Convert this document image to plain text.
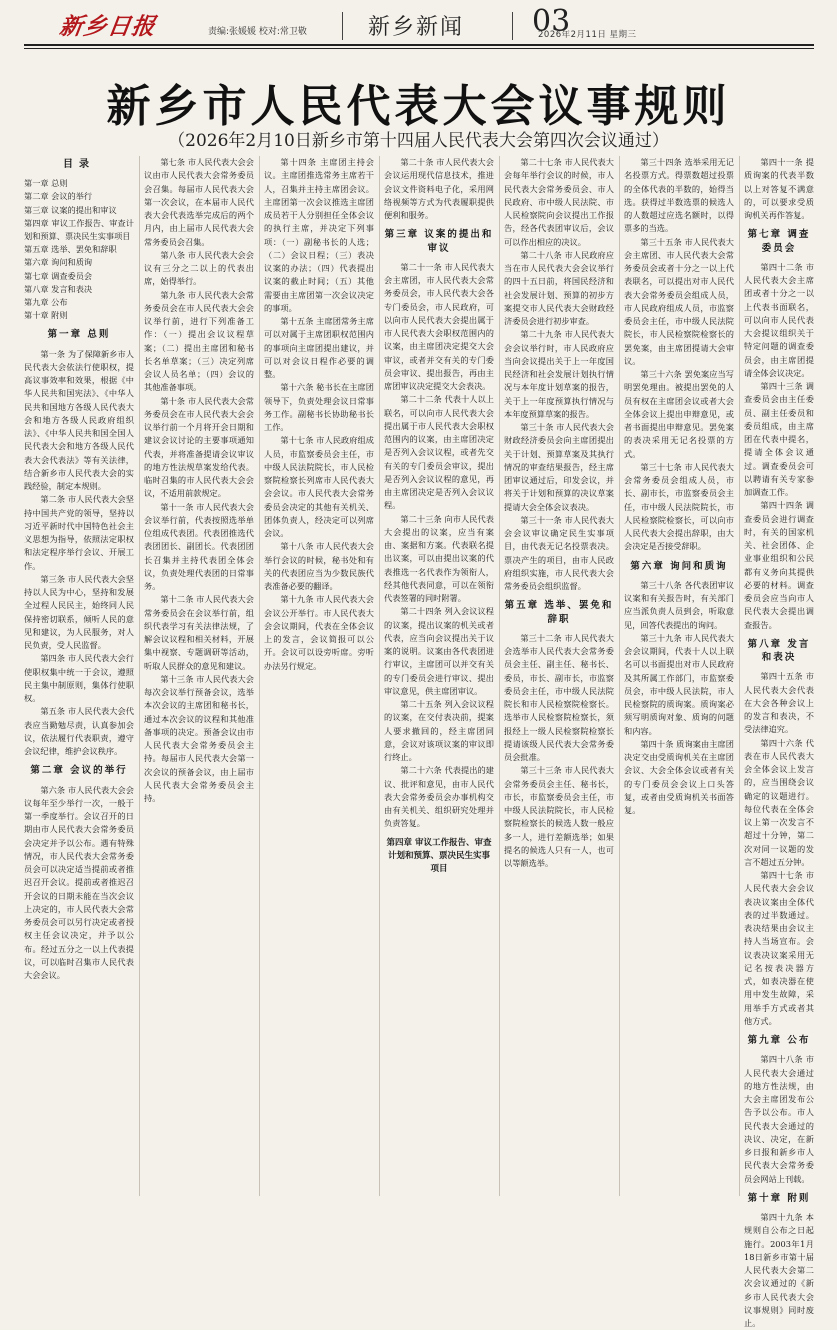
新乡日报	责编:张媛媛 校对:常卫敬	新乡新闻 03
2026年2月11日 星期三
新乡市人民代表大会议事规则
（2026年2月10日新乡市第十四届人民代表大会第四次会议通过）
目录
第一章 总则
第二章 会议的举行
第三章 议案的提出和审议
第四章 审议工作报告、审查计划和预算、票决民生实事项目
第五章 选举、罢免和辞职
第六章 询问和质询
第七章 调查委员会
第八章 发言和表决
第九章 公布
第十章 附则
第一章 总则

第一条 为了保障新乡市人民代表大会依法行使职权，提高议事效率和效果，根据《中华人民共和国宪法》、《中华人民共和国地方各级人民代表大会和地方各级人民政府组织法》、《中华人民共和国全国人民代表大会和地方各级人民代表大会代表法》等有关法律，结合新乡市人民代表大会的实践经验，制定本规则。

第二条 市人民代表大会坚持中国共产党的领导，坚持以习近平新时代中国特色社会主义思想为指导，依照法定职权和法定程序举行会议、开展工作。

第三条 市人民代表大会坚持以人民为中心，坚持和发展全过程人民民主，始终同人民保持密切联系，倾听人民的意见和建议，为人民服务，对人民负责，受人民监督。

第四条 市人民代表大会行使职权集中统一于会议，遵照民主集中制原则，集体行使职权。

第五条 市人民代表大会代表应当勤勉尽责，认真参加会议，依法履行代表职责，遵守会议纪律，维护会议秩序。

第二章 会议的举行

第六条 市人民代表大会会议每年至少举行一次，一般于第一季度举行。会议召开的日期由市人民代表大会常务委员会决定并予以公布。遇有特殊情况，市人民代表大会常务委员会可以决定适当提前或者推迟召开会议。提前或者推迟召开会议的日期未能在当次会议上决定的，市人民代表大会常务委员会可以另行决定或者授权主任会议决定，并予以公布。经过五分之一以上代表提议，可以临时召集市人民代表大会会议。

第七条 市人民代表大会会议由市人民代表大会常务委员会召集。每届市人民代表大会第一次会议，在本届市人民代表大会代表选举完成后的两个月内，由上届市人民代表大会常务委员会召集。

第八条 市人民代表大会会议有三分之二以上的代表出席，始得举行。

第九条 市人民代表大会常务委员会在市人民代表大会会议举行前，进行下列准备工作：（一）提出会议议程草案；（二）提出主席团和秘书长名单草案；（三）决定列席会议人员名单；（四）会议的其他准备事项。

第十条 市人民代表大会常务委员会在市人民代表大会会议举行前一个月将开会日期和建议会议讨论的主要事项通知代表，并将准备提请会议审议的地方性法规草案发给代表。临时召集的市人民代表大会会议，不适用前款规定。

第十一条 市人民代表大会会议举行前，代表按照选举单位组成代表团。代表团推选代表团团长、副团长。代表团团长召集并主持代表团全体会议，负责处理代表团的日常事务。

第十二条 市人民代表大会常务委员会在会议举行前，组织代表学习有关法律法规，了解会议议程和相关材料，开展集中视察、专题调研等活动，听取人民群众的意见和建议。

第十三条 市人民代表大会每次会议举行预备会议，选举本次会议的主席团和秘书长，通过本次会议的议程和其他准备事项的决定。预备会议由市人民代表大会常务委员会主持。每届市人民代表大会第一次会议的预备会议，由上届市人民代表大会常务委员会主持。

第十四条 主席团主持会议。主席团推选常务主席若干人，召集并主持主席团会议。主席团第一次会议推选主席团成员若干人分别担任全体会议的执行主席，并决定下列事项：（一）副秘书长的人选；（二）会议日程；（三）表决议案的办法；（四）代表提出议案的截止时间；（五）其他需要由主席团第一次会议决定的事项。

第十五条 主席团常务主席可以对属于主席团职权范围内的事项向主席团提出建议，并可以对会议日程作必要的调整。

第十六条 秘书长在主席团领导下，负责处理会议日常事务工作。副秘书长协助秘书长工作。

第十七条 市人民政府组成人员，市监察委员会主任，市中级人民法院院长，市人民检察院检察长列席市人民代表大会会议。市人民代表大会常务委员会决定的其他有关机关、团体负责人，经决定可以列席会议。

第十八条 市人民代表大会举行会议的时候，秘书处和有关的代表团应当为少数民族代表准备必要的翻译。

第十九条 市人民代表大会会议公开举行。市人民代表大会会议期间，代表在全体会议上的发言，会议简报可以公开。会议可以设旁听席。旁听办法另行规定。

第二十条 市人民代表大会会议运用现代信息技术，推进会议文件资料电子化，采用网络视频等方式为代表履职提供便利和服务。

第三章 议案的提出和审议

第二十一条 市人民代表大会主席团，市人民代表大会常务委员会，市人民代表大会各专门委员会，市人民政府，可以向市人民代表大会提出属于市人民代表大会职权范围内的议案，由主席团决定提交大会审议，或者并交有关的专门委员会审议、提出报告，再由主席团审议决定提交大会表决。

第二十二条 代表十人以上联名，可以向市人民代表大会提出属于市人民代表大会职权范围内的议案，由主席团决定是否列入会议议程，或者先交有关的专门委员会审议，提出是否列入会议议程的意见，再由主席团决定是否列入会议议程。

第二十三条 向市人民代表大会提出的议案，应当有案由、案据和方案。代表联名提出议案，可以由提出议案的代表推选一名代表作为领衔人，经其他代表同意，可以在领衔代表签署的同时附署。

第二十四条 列入会议议程的议案，提出议案的机关或者代表，应当向会议提出关于议案的说明。议案由各代表团进行审议，主席团可以并交有关的专门委员会进行审议、提出审议意见，供主席团审议。

第二十五条 列入会议议程的议案，在交付表决前，提案人要求撤回的，经主席团同意，会议对该项议案的审议即行终止。

第二十六条 代表提出的建议、批评和意见，由市人民代表大会常务委员会办事机构交由有关机关、组织研究处理并负责答复。

第四章 审议工作报告、审查计划和预算、票决民生实事项目

第二十七条 市人民代表大会每年举行会议的时候，市人民代表大会常务委员会、市人民政府、市中级人民法院、市人民检察院向会议提出工作报告，经各代表团审议后，会议可以作出相应的决议。

第二十八条 市人民政府应当在市人民代表大会会议举行的四十五日前，将国民经济和社会发展计划、预算的初步方案提交市人民代表大会财政经济委员会进行初步审查。

第二十九条 市人民代表大会会议举行时，市人民政府应当向会议提出关于上一年度国民经济和社会发展计划执行情况与本年度计划草案的报告，关于上一年度预算执行情况与本年度预算草案的报告。

第三十条 市人民代表大会财政经济委员会向主席团提出关于计划、预算草案及其执行情况的审查结果报告，经主席团审议通过后，印发会议，并将关于计划和预算的决议草案提请大会全体会议表决。

第三十一条 市人民代表大会会议审议确定民生实事项目，由代表无记名投票表决。票决产生的项目，由市人民政府组织实施，市人民代表大会常务委员会组织监督。

第五章 选举、罢免和辞职

第三十二条 市人民代表大会选举市人民代表大会常务委员会主任、副主任、秘书长、委员，市长、副市长，市监察委员会主任，市中级人民法院院长和市人民检察院检察长。选举市人民检察院检察长，须报经上一级人民检察院检察长提请该级人民代表大会常务委员会批准。

第三十三条 市人民代表大会常务委员会主任、秘书长，市长，市监察委员会主任，市中级人民法院院长，市人民检察院检察长的候选人数一般应多一人，进行差额选举；如果提名的候选人只有一人，也可以等额选举。

第三十四条 选举采用无记名投票方式。得票数超过投票的全体代表的半数的，始得当选。获得过半数选票的候选人的人数超过应选名额时，以得票多的当选。

第三十五条 市人民代表大会主席团、市人民代表大会常务委员会或者十分之一以上代表联名，可以提出对市人民代表大会常务委员会组成人员，市人民政府组成人员，市监察委员会主任，市中级人民法院院长，市人民检察院检察长的罢免案，由主席团提请大会审议。

第三十六条 罢免案应当写明罢免理由。被提出罢免的人员有权在主席团会议或者大会全体会议上提出申辩意见，或者书面提出申辩意见。罢免案的表决采用无记名投票的方式。

第三十七条 市人民代表大会常务委员会组成人员，市长、副市长，市监察委员会主任，市中级人民法院院长，市人民检察院检察长，可以向市人民代表大会提出辞职，由大会决定是否接受辞职。

第六章 询问和质询

第三十八条 各代表团审议议案和有关报告时，有关部门应当派负责人员到会，听取意见，回答代表提出的询问。

第三十九条 市人民代表大会会议期间，代表十人以上联名可以书面提出对市人民政府及其所属工作部门，市监察委员会，市中级人民法院，市人民检察院的质询案。质询案必须写明质询对象、质询的问题和内容。

第四十条 质询案由主席团决定交由受质询机关在主席团会议、大会全体会议或者有关的专门委员会会议上口头答复，或者由受质询机关书面答复。

第四十一条 提质询案的代表半数以上对答复不满意的，可以要求受质询机关再作答复。

第七章 调查委员会

第四十二条 市人民代表大会主席团或者十分之一以上代表书面联名，可以向市人民代表大会提议组织关于特定问题的调查委员会，由主席团提请全体会议决定。

第四十三条 调查委员会由主任委员、副主任委员和委员组成，由主席团在代表中提名，提请全体会议通过。调查委员会可以聘请有关专家参加调查工作。

第四十四条 调查委员会进行调查时，有关的国家机关、社会团体、企业事业组织和公民都有义务向其提供必要的材料。调查委员会应当向市人民代表大会提出调查报告。

第八章 发言和表决

第四十五条 市人民代表大会代表在大会各种会议上的发言和表决，不受法律追究。

第四十六条 代表在市人民代表大会全体会议上发言的，应当围绕会议确定的议题进行。每位代表在全体会议上第一次发言不超过十分钟，第二次对同一议题的发言不超过五分钟。

第四十七条 市人民代表大会会议表决议案由全体代表的过半数通过。表决结果由会议主持人当场宣布。会议表决议案采用无记名按表决器方式，如表决器在使用中发生故障，采用举手方式或者其他方式。

第九章 公布

第四十八条 市人民代表大会通过的地方性法规，由大会主席团发布公告予以公布。市人民代表大会通过的决议、决定，在新乡日报和新乡市人民代表大会常务委员会网站上刊载。

第十章 附则

第四十九条 本规则自公布之日起施行。2003年1月18日新乡市第十届人民代表大会第二次会议通过的《新乡市人民代表大会议事规则》同时废止。
